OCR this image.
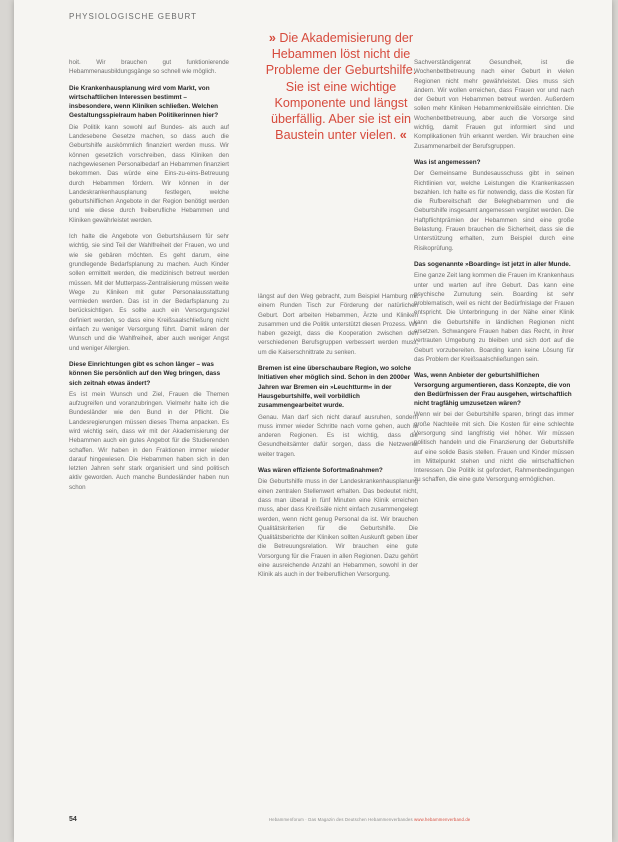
PHYSIOLOGISCHE GEBURT
» Die Akademisierung der Hebammen löst nicht die Probleme der Geburtshilfe. Sie ist eine wichtige Komponente und längst überfällig. Aber sie ist ein Baustein unter vielen. «

hoit. Wir brauchen gut funktionierende Hebammenausbildungsgänge so schnell wie möglich.

Die Krankenhausplanung wird vom Markt, von wirtschaftlichen Interessen bestimmt – insbesondere, wenn Kliniken schließen. Welchen Gestaltungsspielraum haben Politikerinnen hier?

Die Politik kann sowohl auf Bundes- als auch auf Landesebene Gesetze machen, so dass auch die Geburtshilfe auskömmlich finanziert werden muss. Wir können gesetzlich vorschreiben, dass Kliniken den nachgewiesenen Personalbedarf an Hebammen finanziert bekommen. Das würde eine Eins-zu-eins-Betreuung durch Hebammen fördern. Wir können in der Landeskrankenhausplanung festlegen, welche geburtshilflichen Angebote in der Region benötigt werden und wie diese durch freiberufliche Hebammen und Kliniken gewährleistet werden.

Ich halte die Angebote von Geburtshäusern für sehr wichtig, sie sind Teil der Wahlfreiheit der Frauen, wo und wie sie gebären möchten. Es geht darum, eine grundlegende Bedarfsplanung zu machen. Auch Kinder sollen ermittelt werden, die medizinisch betreut werden müssen. Mit der Mutterpass-Zentralisierung müssen weite Wege zu Kliniken mit guter Personalausstattung vermieden werden. Das ist in der Bedarfsplanung zu berücksichtigen. Es sollte auch ein Versorgungsziel definiert werden, so dass eine Kreißsaalschließung nicht einfach zu weniger Versorgung führt. Damit wären der Wunsch und die Wahlfreiheit, aber auch weniger Angst und weniger Allergien.

Diese Einrichtungen gibt es schon länger – was können Sie persönlich auf den Weg bringen, dass sich zeitnah etwas ändert?

Es ist mein Wunsch und Ziel, Frauen die Themen aufzugreifen und voranzubringen. Vielmehr halte ich die Bundesländer wie den Bund in der Pflicht. Die Landesregierungen müssen dieses Thema anpacken. Es wird wichtig sein, dass wir mit der Akademisierung der Hebammen auch ein gutes Angebot für die Studierenden schaffen. Wir haben in den Fraktionen immer wieder darauf hingewiesen. Die Hebammen haben sich in den letzten Jahren sehr stark organisiert und sind politisch aktiv geworden. Auch manche Bundesländer haben nun schon

längst auf den Weg gebracht, zum Beispiel Hamburg mit einem Runden Tisch zur Förderung der natürlichen Geburt. Dort arbeiten Hebammen, Ärzte und Kliniken zusammen und die Politik unterstützt diesen Prozess. Wir haben gezeigt, dass die Kooperation zwischen den verschiedenen Berufsgruppen verbessert werden muss, um die Kaiserschnittrate zu senken.

Bremen ist eine überschaubare Region, wo solche Initiativen eher möglich sind. Schon in den 2000er Jahren war Bremen ein »Leuchtturm« in der Hausgeburtshilfe, weil vorbildlich zusammengearbeitet wurde.

Genau. Man darf sich nicht darauf ausruhen, sondern muss immer wieder Schritte nach vorne gehen, auch in anderen Regionen. Es ist wichtig, dass die Gesundheitsämter dafür sorgen, dass die Netzwerke weiter tragen.

Was wären effiziente Sofortmaßnahmen?

Die Geburtshilfe muss in der Landeskrankenhausplanung einen zentralen Stellenwert erhalten. Das bedeutet nicht, dass man überall in fünf Minuten eine Klinik erreichen muss, aber dass Kreißsäle nicht einfach zusammengelegt werden, wenn nicht genug Personal da ist. Wir brauchen Qualitätskriterien für die Geburtshilfe. Die Qualitätsberichte der Kliniken sollten Auskunft geben über die Betreuungsrelation. Wir brauchen eine gute Vorsorgung für die Frauen in allen Regionen. Dazu gehört eine ausreichende Anzahl an Hebammen, sowohl in der Klinik als auch in der freiberuflichen Versorgung.

Sachverständigenrat Gesundheit, ist die Wochenbettbetreuung nach einer Geburt in vielen Regionen nicht mehr gewährleistet. Dies muss sich ändern. Wir wollen erreichen, dass Frauen vor und nach der Geburt von Hebammen betreut werden. Außerdem sollen mehr Kliniken Hebammenkreißsäle einrichten. Die Wochenbettbetreuung, aber auch die Vorsorge sind wichtig, damit Frauen gut informiert sind und Komplikationen früh erkannt werden. Wir brauchen eine Zusammenarbeit der Berufsgruppen.

Was ist angemessen?

Der Gemeinsame Bundesausschuss gibt in seinen Richtlinien vor, welche Leistungen die Krankenkassen bezahlen. Ich halte es für notwendig, dass die Kosten für die Rufbereitschaft der Beleghebammen und die Geburtshilfe insgesamt angemessen vergütet werden. Die Haftpflichtprämien der Hebammen sind eine große Belastung. Frauen brauchen die Sicherheit, dass sie die Unterstützung erhalten, zum Beispiel durch eine Risikoprüfung.

Das sogenannte »Boarding« ist jetzt in aller Munde.

Eine ganze Zeit lang kommen die Frauen im Krankenhaus unter und warten auf ihre Geburt. Das kann eine psychische Zumutung sein. Boarding ist sehr problematisch, weil es nicht der Bedürfnislage der Frauen entspricht. Die Unterbringung in der Nähe einer Klinik kann die Geburtshilfe in ländlichen Regionen nicht ersetzen. Schwangere Frauen haben das Recht, in ihrer vertrauten Umgebung zu bleiben und sich dort auf die Geburt vorzubereiten. Boarding kann keine Lösung für das Problem der Kreißsaalschließungen sein.

Was, wenn Anbieter der geburtshilflichen Versorgung argumentieren, dass Konzepte, die von den Bedürfnissen der Frau ausgehen, wirtschaftlich nicht tragfähig umzusetzen wären?

Wenn wir bei der Geburtshilfe sparen, bringt das immer große Nachteile mit sich. Die Kosten für eine schlechte Versorgung sind langfristig viel höher. Wir müssen politisch handeln und die Finanzierung der Geburtshilfe auf eine solide Basis stellen. Frauen und Kinder müssen im Mittelpunkt stehen und nicht die wirtschaftlichen Interessen. Die Politik ist gefordert, Rahmenbedingungen zu schaffen, die eine gute Versorgung ermöglichen.

54	Hebammenforum · Das Magazin des Deutschen Hebammenverbandes www.hebammenverband.de
